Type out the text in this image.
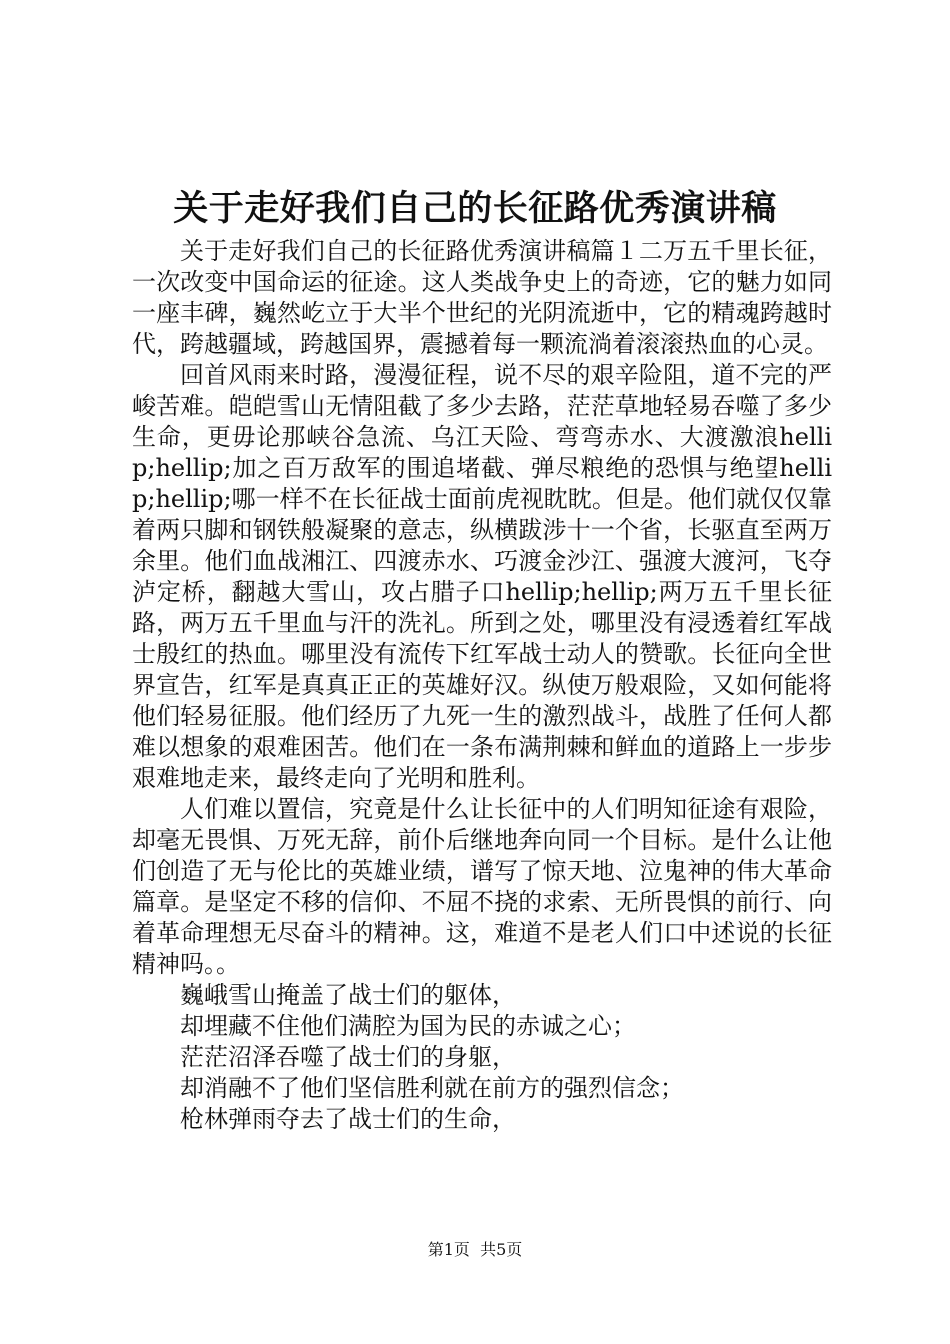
关于走好我们自己的长征路优秀演讲稿

关于走好我们自己的长征路优秀演讲稿篇１二万五千里长征，一次改变中国命运的征途。这人类战争史上的奇迹，它的魅力如同一座丰碑，巍然屹立于大半个世纪的光阴流逝中，它的精魂跨越时代，跨越疆域，跨越国界，震撼着每一颗流淌着滚滚热血的心灵。

回首风雨来时路，漫漫征程，说不尽的艰辛险阻，道不完的严峻苦难。皑皑雪山无情阻截了多少去路，茫茫草地轻易吞噬了多少生命，更毋论那峡谷急流、乌江天险、弯弯赤水、大渡激浪hellip;hellip;加之百万敌军的围追堵截、弹尽粮绝的恐惧与绝望hellip;hellip;哪一样不在长征战士面前虎视眈眈。但是。他们就仅仅靠着两只脚和钢铁般凝聚的意志，纵横跋涉十一个省，长驱直至两万余里。他们血战湘江、四渡赤水、巧渡金沙江、强渡大渡河，飞夺泸定桥，翻越大雪山，攻占腊子口hellip;hellip;两万五千里长征路，两万五千里血与汗的洗礼。所到之处，哪里没有浸透着红军战士殷红的热血。哪里没有流传下红军战士动人的赞歌。长征向全世界宣告，红军是真真正正的英雄好汉。纵使万般艰险，又如何能将他们轻易征服。他们经历了九死一生的激烈战斗，战胜了任何人都难以想象的艰难困苦。他们在一条布满荆棘和鲜血的道路上一步步艰难地走来，最终走向了光明和胜利。

人们难以置信，究竟是什么让长征中的人们明知征途有艰险，却毫无畏惧、万死无辞，前仆后继地奔向同一个目标。是什么让他们创造了无与伦比的英雄业绩，谱写了惊天地、泣鬼神的伟大革命篇章。是坚定不移的信仰、不屈不挠的求索、无所畏惧的前行、向着革命理想无尽奋斗的精神。这，难道不是老人们口中述说的长征精神吗。。

巍峨雪山掩盖了战士们的躯体，

却埋藏不住他们满腔为国为民的赤诚之心；

茫茫沼泽吞噬了战士们的身躯，

却消融不了他们坚信胜利就在前方的强烈信念；

枪林弹雨夺去了战士们的生命，

第1页 共5页
